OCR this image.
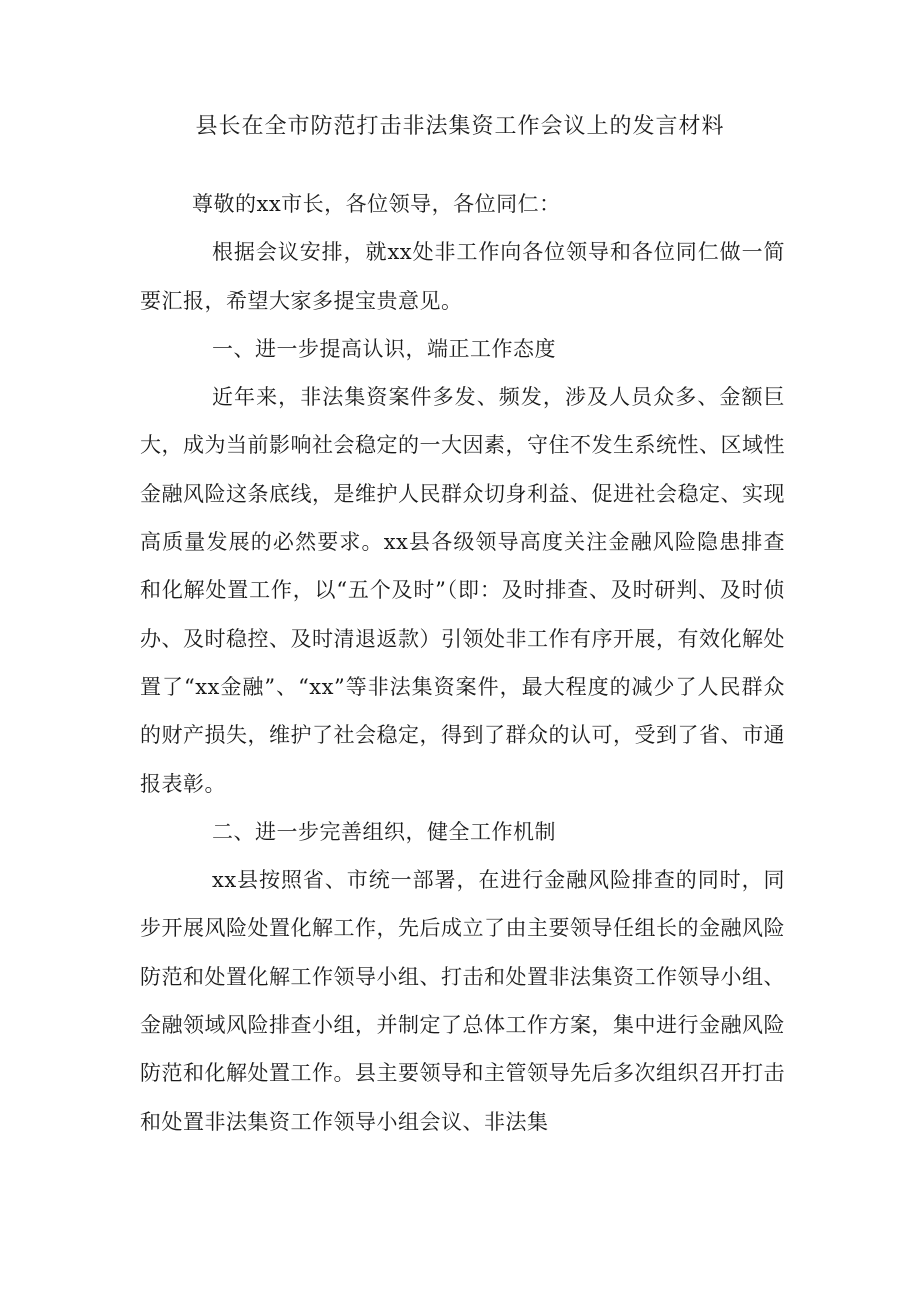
县长在全市防范打击非法集资工作会议上的发言材料

尊敬的xx市长，各位领导，各位同仁：

根据会议安排，就xx处非工作向各位领导和各位同仁做一简要汇报，希望大家多提宝贵意见。

一、进一步提高认识，端正工作态度

近年来，非法集资案件多发、频发，涉及人员众多、金额巨大，成为当前影响社会稳定的一大因素，守住不发生系统性、区域性金融风险这条底线，是维护人民群众切身利益、促进社会稳定、实现高质量发展的必然要求。xx县各级领导高度关注金融风险隐患排查和化解处置工作，以“五个及时”（即：及时排查、及时研判、及时侦办、及时稳控、及时清退返款）引领处非工作有序开展，有效化解处置了“xx金融”、“xx”等非法集资案件，最大程度的减少了人民群众的财产损失，维护了社会稳定，得到了群众的认可，受到了省、市通报表彰。

二、进一步完善组织，健全工作机制

xx县按照省、市统一部署，在进行金融风险排查的同时，同步开展风险处置化解工作，先后成立了由主要领导任组长的金融风险防范和处置化解工作领导小组、打击和处置非法集资工作领导小组、金融领域风险排查小组，并制定了总体工作方案，集中进行金融风险防范和化解处置工作。县主要领导和主管领导先后多次组织召开打击和处置非法集资工作领导小组会议、非法集
